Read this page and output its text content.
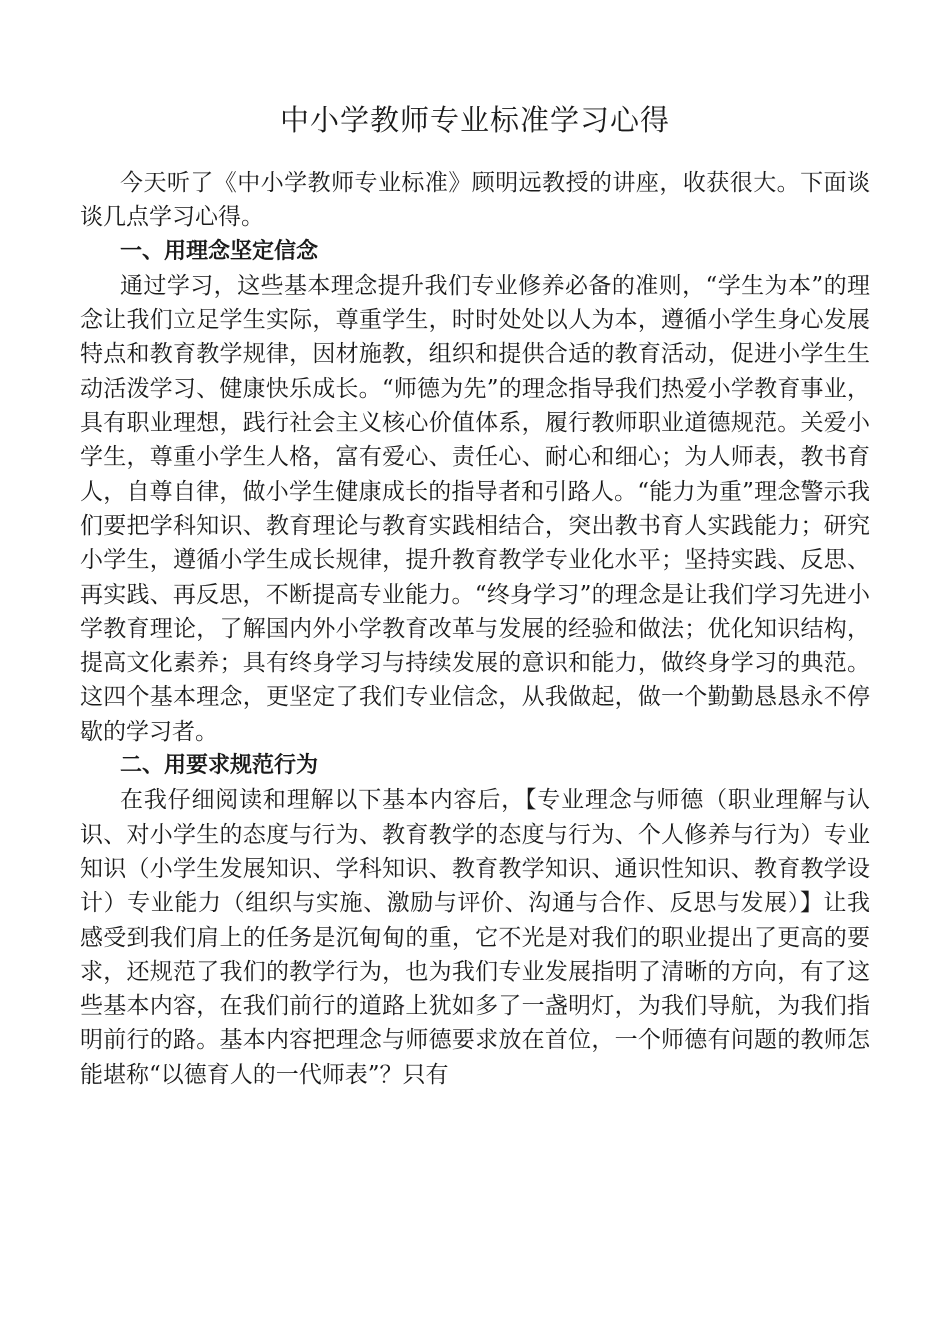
中小学教师专业标准学习心得

今天听了《中小学教师专业标准》顾明远教授的讲座，收获很大。下面谈谈几点学习心得。

一、用理念坚定信念

通过学习，这些基本理念提升我们专业修养必备的准则，“学生为本”的理念让我们立足学生实际，尊重学生，时时处处以人为本，遵循小学生身心发展特点和教育教学规律，因材施教，组织和提供合适的教育活动，促进小学生生动活泼学习、健康快乐成长。“师德为先”的理念指导我们热爱小学教育事业，具有职业理想，践行社会主义核心价值体系，履行教师职业道德规范。关爱小学生，尊重小学生人格，富有爱心、责任心、耐心和细心；为人师表，教书育人，自尊自律，做小学生健康成长的指导者和引路人。“能力为重”理念警示我们要把学科知识、教育理论与教育实践相结合，突出教书育人实践能力；研究小学生，遵循小学生成长规律，提升教育教学专业化水平；坚持实践、反思、再实践、再反思，不断提高专业能力。“终身学习”的理念是让我们学习先进小学教育理论，了解国内外小学教育改革与发展的经验和做法；优化知识结构，提高文化素养；具有终身学习与持续发展的意识和能力，做终身学习的典范。这四个基本理念，更坚定了我们专业信念，从我做起，做一个勤勤恳恳永不停歇的学习者。

二、用要求规范行为

在我仔细阅读和理解以下基本内容后，【专业理念与师德（职业理解与认识、对小学生的态度与行为、教育教学的态度与行为、个人修养与行为）专业知识（小学生发展知识、学科知识、教育教学知识、通识性知识、教育教学设计）专业能力（组织与实施、激励与评价、沟通与合作、反思与发展）】让我感受到我们肩上的任务是沉甸甸的重，它不光是对我们的职业提出了更高的要求，还规范了我们的教学行为，也为我们专业发展指明了清晰的方向，有了这些基本内容，在我们前行的道路上犹如多了一盏明灯，为我们导航，为我们指明前行的路。基本内容把理念与师德要求放在首位，一个师德有问题的教师怎能堪称“以德育人的一代师表”？只有
